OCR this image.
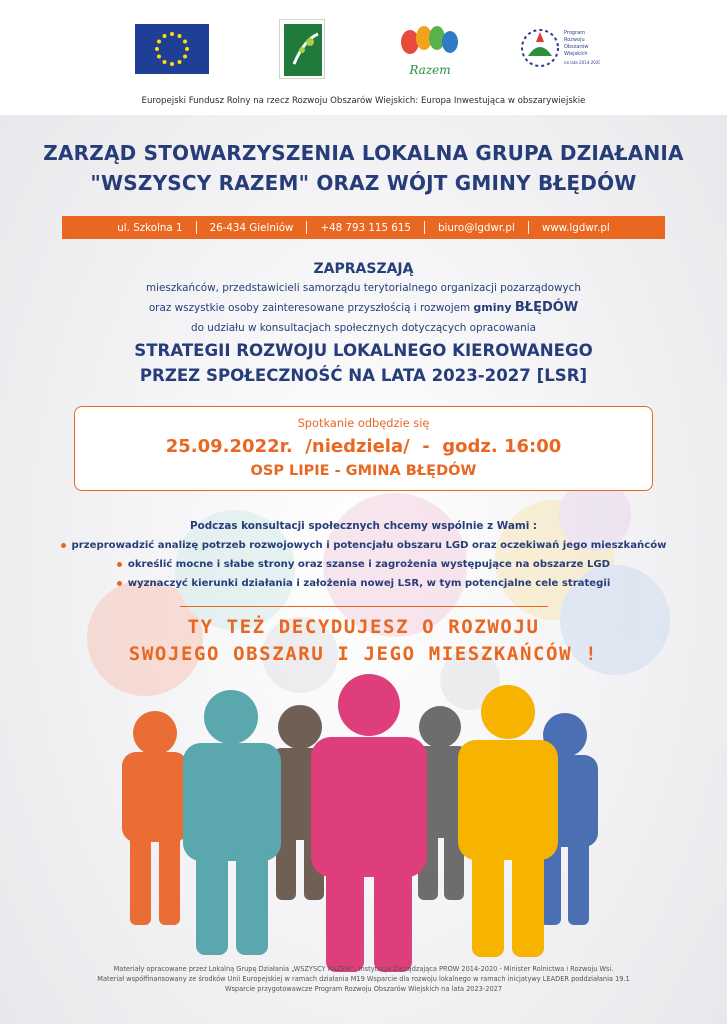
Razem
Program
Rozwoju
Obszarów
Wiejskich
na lata 2014-2020
Europejski Fundusz Rolny na rzecz Rozwoju Obszarów Wiejskich: Europa Inwestująca w obszarywiejskie
ZARZĄD STOWARZYSZENIA LOKALNA GRUPA DZIAŁANIA
"WSZYSCY RAZEM" ORAZ WÓJT GMINY BŁĘDÓW
ul. Szkolna 1	26-434 Gielniów	+48 793 115 615	biuro@lgdwr.pl	www.lgdwr.pl
ZAPRASZAJĄ
mieszkańców, przedstawicieli samorządu terytorialnego organizacji pozarządowych
oraz wszystkie osoby zainteresowane przyszłością i rozwojem gminy BŁĘDÓW
do udziału w konsultacjach społecznych dotyczących opracowania
STRATEGII ROZWOJU LOKALNEGO KIEROWANEGO
PRZEZ SPOŁECZNOŚĆ NA LATA 2023-2027 [LSR]
Spotkanie odbędzie się
25.09.2022r.  /niedziela/  -  godz. 16:00
OSP LIPIE - GMINA BŁĘDÓW
Podczas konsultacji społecznych chcemy wspólnie z Wami :
przeprowadzić analizę potrzeb rozwojowych i potencjału obszaru LGD oraz oczekiwań jego mieszkańców
określić mocne i słabe strony oraz szanse i zagrożenia występujące na obszarze LGD
wyznaczyć kierunki działania i założenia nowej LSR, w tym potencjalne cele strategii
TY TEŻ DECYDUJESZ O ROZWOJU
SWOJEGO OBSZARU I JEGO MIESZKAŃCÓW !
Materiały opracowane przez Lokalną Grupę Działania „WSZYSCY RAZEM”, Instytucja Zarządzająca PROW 2014-2020 - Minister Rolnictwa i Rozwoju Wsi.
Materiał współfinansowany ze środków Unii Europejskiej w ramach działania M19 Wsparcie dla rozwoju lokalnego w ramach inicjatywy LEADER poddziałania 19.1
Wsparcie przygotowawcze Program Rozwoju Obszarów Wiejskich na lata 2023-2027
